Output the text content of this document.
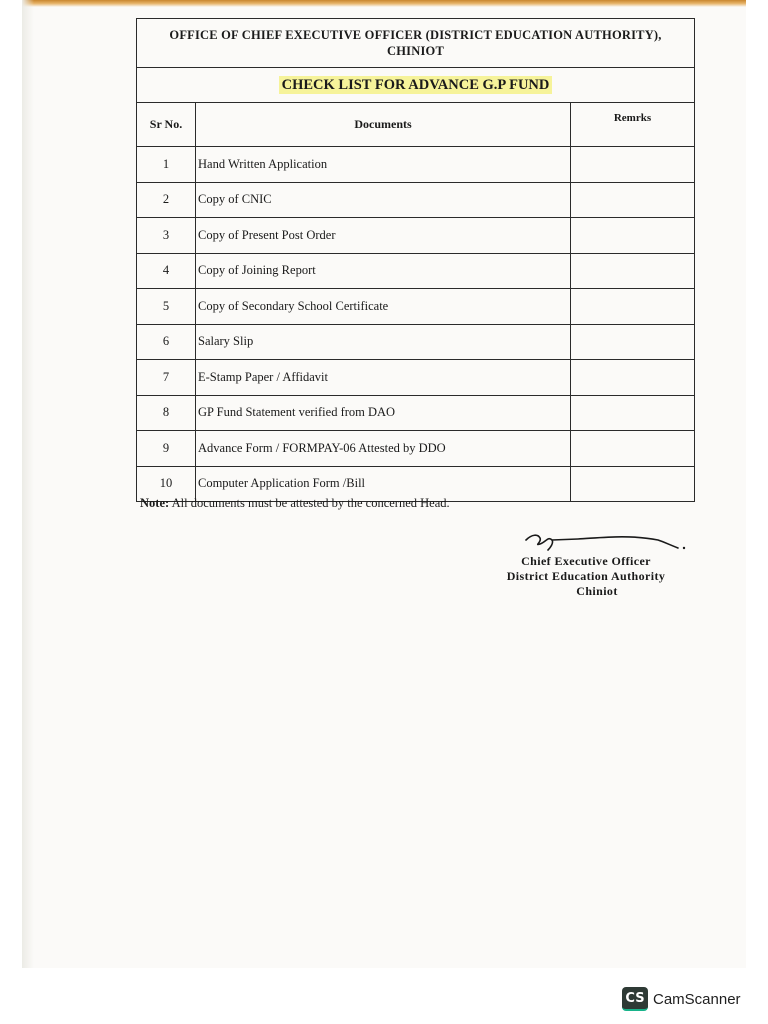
OFFICE OF CHIEF EXECUTIVE OFFICER (DISTRICT EDUCATION AUTHORITY),
CHINIOT		

CHECK LIST FOR ADVANCE G.P FUND		
Sr No.	Documents	Remrks
1	Hand Written Application	
2	Copy of CNIC	
3	Copy of Present Post Order	
4	Copy of Joining Report	
5	Copy of Secondary School Certificate	
6	Salary Slip	
7	E-Stamp Paper / Affidavit	
8	GP Fund Statement verified from DAO	
9	Advance Form / FORMPAY-06 Attested by DDO	
10	Computer Application Form /Bill	
Note: All documents must be attested by the concerned Head.
Chief Executive Officer
District Education Authority
Chiniot
CS CamScanner
